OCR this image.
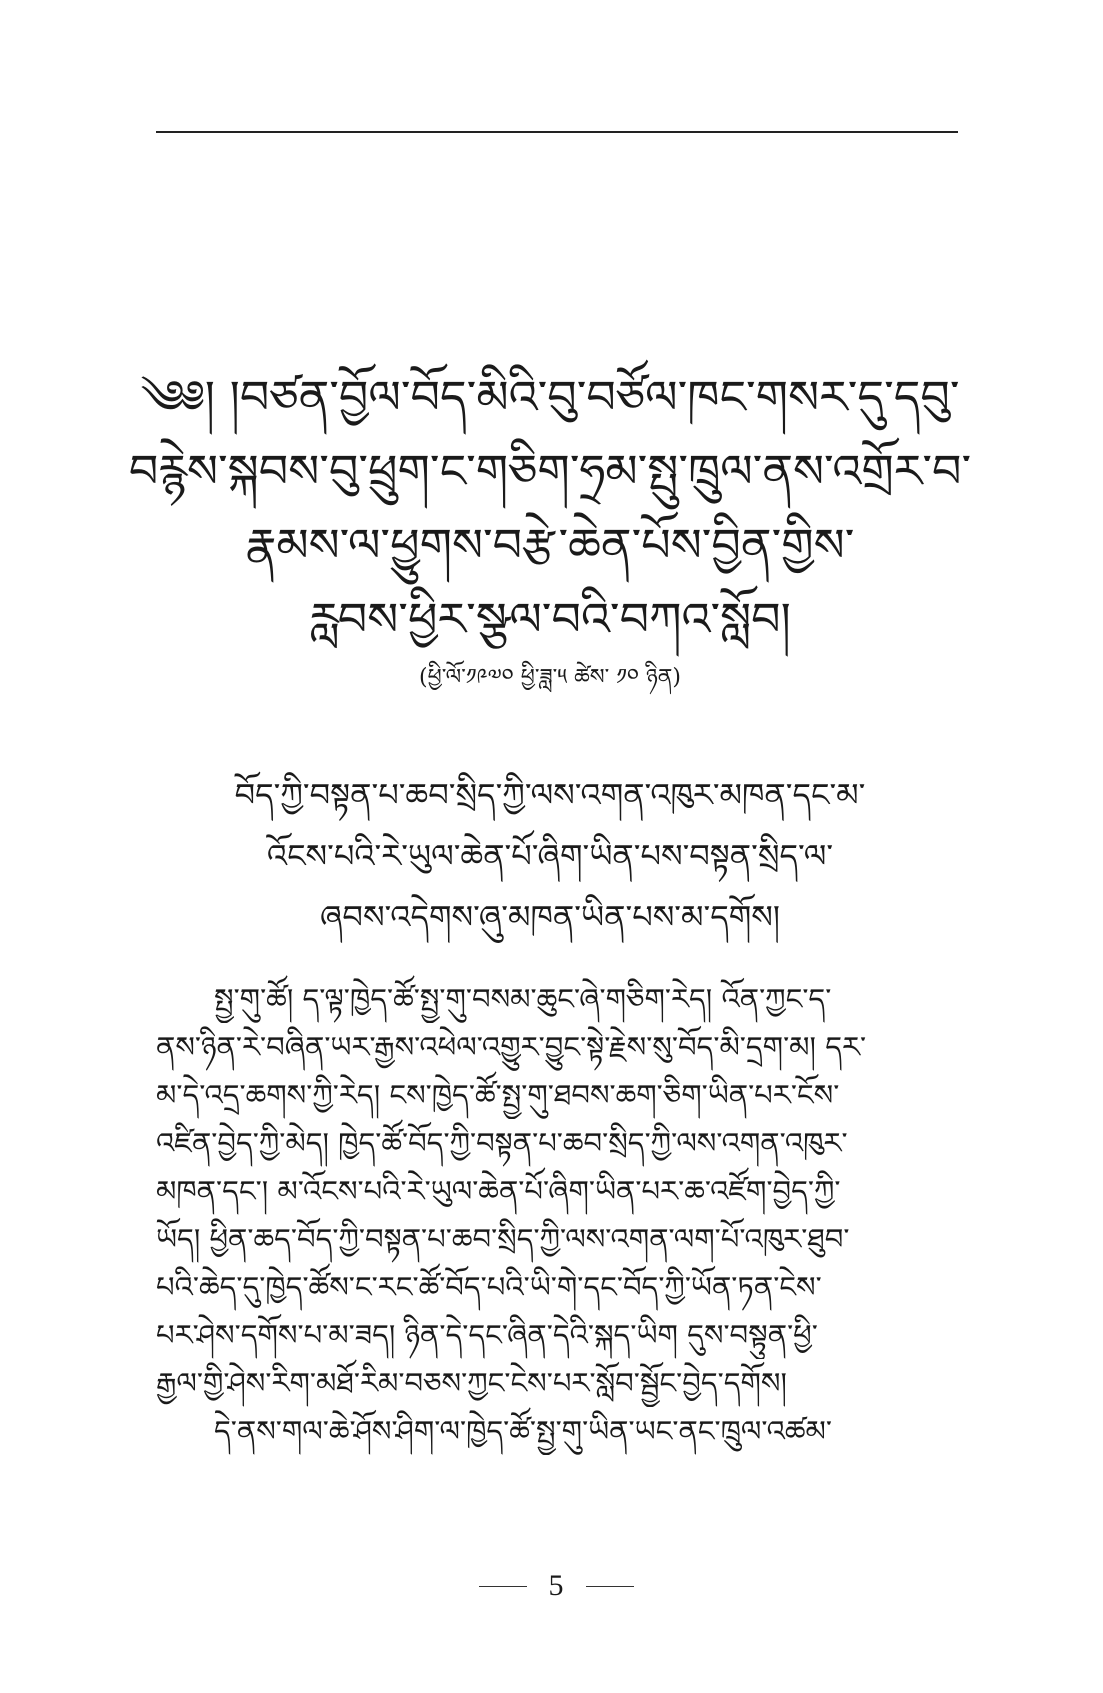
༄༅། །བཙན་བྱོལ་བོད་མིའི་བུ་བཙོལ་ཁང་གསར་དུ་དབུ་
བརྙེས་སྐབས་བུ་ཕྲུག་ང་གཅིག་ཧྲམ་སྤུ་ཁྲུལ་ནས་འགྲོར་བ་
རྣམས་ལ་ཕྱུགས་བརྩེ་ཆེན་པོས་བྱིན་གྱིས་
རླབས་ཕྱིར་སྩལ་བའི་བཀའ་སློབ།
(ཕྱི་ལོ་༡༩༧༠ ཕྱི་ཟླ་༥ ཚེས་ ༡༠ ཉིན)
བོད་ཀྱི་བསྟན་པ་ཆབ་སྲིད་ཀྱི་ལས་འགན་འཁུར་མཁན་དང་མ་
འོངས་པའི་རེ་ཡུལ་ཆེན་པོ་ཞིག་ཡིན་པས་བསྟན་སྲིད་ལ་
ཞབས་འདེགས་ཞུ་མཁན་ཡིན་པས་མ་དགོས།
སྤྱ་གུ་ཚོ། ད་ལྟ་ཁྱེད་ཚོ་སྤྱ་གུ་བསམ་ཆུང་ཞེ་གཅིག་རེད། འོན་ཀྱང་ད་
ནས་ཉིན་རེ་བཞིན་ཡར་རྒྱས་འཕེལ་འགྱུར་བྱུང་སྟེ་རྗེས་སུ་བོད་མི་དྲག་མ། དར་
མ་དེ་འདྲ་ཆགས་ཀྱི་རེད། ངས་ཁྱེད་ཚོ་སྤྱ་གུ་ཐབས་ཆག་ཅིག་ཡིན་པར་ངོས་
འཛིན་བྱེད་ཀྱི་མེད། ཁྱེད་ཚོ་བོད་ཀྱི་བསྟན་པ་ཆབ་སྲིད་ཀྱི་ལས་འགན་འཁུར་
མཁན་དང་། མ་འོངས་པའི་རེ་ཡུལ་ཆེན་པོ་ཞིག་ཡིན་པར་ཆ་འཛོག་བྱེད་ཀྱི་
ཡོད། ཕྱིན་ཆད་བོད་ཀྱི་བསྟན་པ་ཆབ་སྲིད་ཀྱི་ལས་འགན་ལག་པོ་འཁུར་ཐུབ་
པའི་ཆེད་དུ་ཁྱེད་ཚོས་ང་རང་ཚོ་བོད་པའི་ཡི་གེ་དང་བོད་ཀྱི་ཡོན་ཏན་ངེས་
པར་ཤེས་དགོས་པ་མ་ཟད། ཉིན་དེ་དང་ཞིན་དེའི་སྐད་ཡིག དུས་བསྟུན་ཕྱི་
རྒྱལ་གྱི་ཤེས་རིག་མཐོ་རིམ་བཅས་ཀྱང་ངེས་པར་སློབ་སྦྱོང་བྱེད་དགོས།
དེ་ནས་གལ་ཆེ་ཤོས་ཤིག་ལ་ཁྱེད་ཚོ་སྤྱ་གུ་ཡིན་ཡང་ནང་ཁྲུལ་འཚམ་
5
